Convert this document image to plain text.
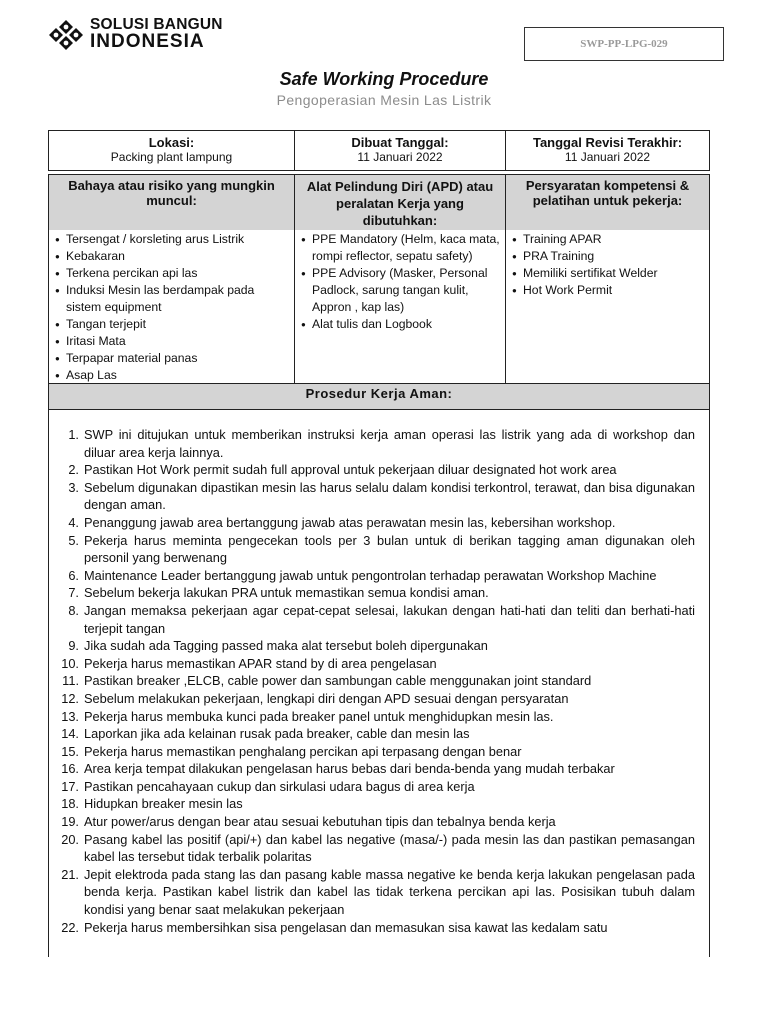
SOLUSI BANGUN
INDONESIA	SWP-PP-LPG-029
Safe Working Procedure
Pengoperasian Mesin Las Listrik
Lokasi:
Packing plant lampung
Dibuat Tanggal:
11 Januari 2022
Tanggal Revisi Terakhir:
11 Januari 2022
Bahaya atau risiko yang mungkin muncul:
Alat Pelindung Diri (APD) atau peralatan Kerja yang dibutuhkan:
Persyaratan kompetensi & pelatihan untuk pekerja:
● Tersengat / korsleting arus Listrik
● Kebakaran
● Terkena percikan api las
● Induksi Mesin las berdampak pada sistem equipment
● Tangan terjepit
● Iritasi Mata
● Terpapar material panas
● Asap Las
● PPE Mandatory (Helm, kaca mata, rompi reflector, sepatu safety)
● PPE Advisory (Masker, Personal Padlock, sarung tangan kulit, Appron , kap las)
● Alat tulis dan Logbook
● Training APAR
● PRA Training
● Memiliki sertifikat Welder
● Hot Work Permit
Prosedur Kerja Aman:
1. SWP ini ditujukan untuk memberikan instruksi kerja aman operasi las listrik yang ada di workshop dan diluar area kerja lainnya.
2. Pastikan Hot Work permit sudah full approval untuk pekerjaan diluar designated hot work area
3. Sebelum digunakan dipastikan mesin las harus selalu dalam kondisi terkontrol, terawat, dan bisa digunakan dengan aman.
4. Penanggung jawab area bertanggung jawab atas perawatan mesin las, kebersihan workshop.
5. Pekerja harus meminta pengecekan tools per 3 bulan untuk di berikan tagging aman digunakan oleh personil yang berwenang
6. Maintenance Leader bertanggung jawab untuk pengontrolan terhadap perawatan Workshop Machine
7. Sebelum bekerja lakukan PRA untuk memastikan semua kondisi aman.
8. Jangan memaksa pekerjaan agar cepat-cepat selesai, lakukan dengan hati-hati dan teliti dan berhati-hati terjepit tangan
9. Jika sudah ada Tagging passed maka alat tersebut boleh dipergunakan
10. Pekerja harus memastikan APAR stand by di area pengelasan
11. Pastikan breaker ,ELCB, cable power dan sambungan cable menggunakan joint standard
12. Sebelum melakukan pekerjaan, lengkapi diri dengan APD sesuai dengan persyaratan
13. Pekerja harus membuka kunci pada breaker panel untuk menghidupkan mesin las.
14. Laporkan jika ada kelainan rusak pada breaker, cable dan mesin las
15. Pekerja harus memastikan penghalang percikan api terpasang dengan benar
16. Area kerja tempat dilakukan pengelasan harus bebas dari benda-benda yang mudah terbakar
17. Pastikan pencahayaan cukup dan sirkulasi udara bagus di area kerja
18. Hidupkan breaker mesin las
19. Atur power/arus dengan bear atau sesuai kebutuhan tipis dan tebalnya benda kerja
20. Pasang kabel las positif (api/+) dan kabel las negative (masa/-) pada mesin las dan pastikan pemasangan kabel las tersebut tidak terbalik polaritas
21. Jepit elektroda pada stang las dan pasang kable massa negative ke benda kerja lakukan pengelasan pada benda kerja. Pastikan kabel listrik dan kabel las tidak terkena percikan api las. Posisikan tubuh dalam kondisi yang benar saat melakukan pekerjaan
22. Pekerja harus membersihkan sisa pengelasan dan memasukan sisa kawat las kedalam satu
